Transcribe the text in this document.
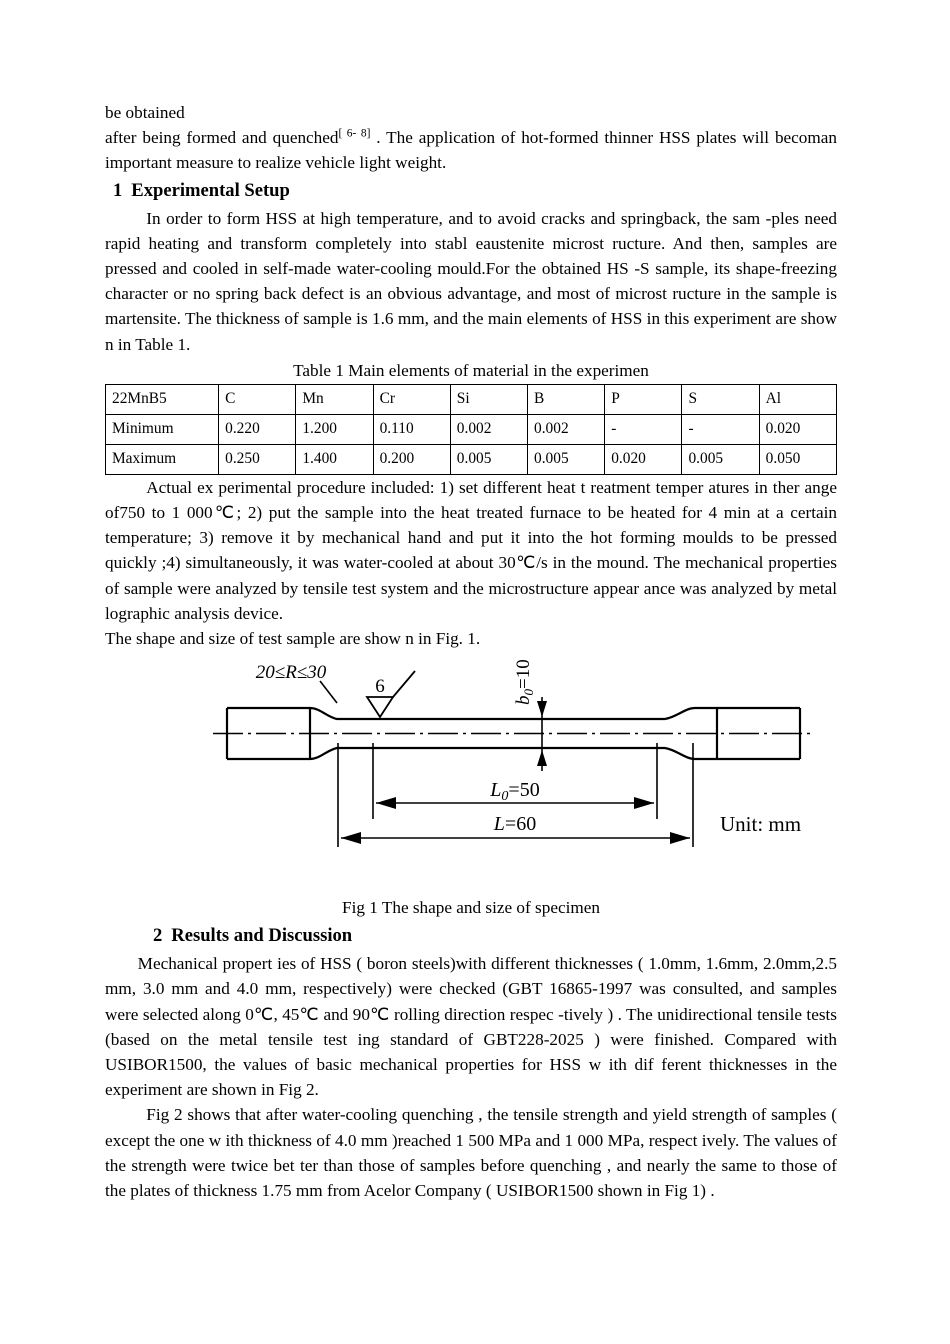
be obtained

after being formed and quenched[ 6- 8] . The application of hot-formed thinner HSS plates will becoman important measure to realize vehicle light weight.

1 Experimental Setup

In order to form HSS at high temperature, and to avoid cracks and springback, the sam -ples need rapid heating and transform completely into stabl eaustenite microst ructure. And then, samples are pressed and cooled in self-made water-cooling mould.For the obtained HS -S sample, its shape-freezing character or no spring back defect is an obvious advantage, and most of microst ructure in the sample is martensite. The thickness of sample is 1.6 mm, and the main elements of HSS in this experiment are show n in Table 1.

Table 1 Main elements of material in the experimen
22MnB5	C	Mn	Cr	Si	B	P	S	Al
Minimum	0.220	1.200	0.110	0.002	0.002	-	-	0.020
Maximum	0.250	1.400	0.200	0.005	0.005	0.020	0.005	0.050

Actual ex perimental procedure included: 1) set different heat t reatment temper atures in ther ange of750 to 1 000℃; 2) put the sample into the heat treated furnace to be heated for 4 min at a certain temperature; 3) remove it by mechanical hand and put it into the hot forming moulds to be pressed quickly ;4) simultaneously, it was water-cooled at about 30℃/s in the mound. The mechanical properties of sample were analyzed by tensile test system and the microstructure appear ance was analyzed by metal lographic analysis device.

The shape and size of test sample are show n in Fig. 1.
20≤R≤30
6
$b_0=10$
$L_0=50$
L=60	Unit: mm
Fig 1 The shape and size of specimen
2 Results and Discussion

Mechanical propert ies of HSS ( boron steels)with different thicknesses ( 1.0mm, 1.6mm, 2.0mm,2.5 mm, 3.0 mm and 4.0 mm, respectively) were checked (GBT 16865-1997 was consulted, and samples were selected along 0℃, 45℃ and 90℃ rolling direction respec -tively ) . The unidirectional tensile tests (based on the metal tensile test ing standard of GBT228-2025 ) were finished. Compared with USIBOR1500, the values of basic mechanical properties for HSS w ith dif ferent thicknesses in the experiment are shown in Fig 2.

Fig 2 shows that after water-cooling quenching , the tensile strength and yield strength of samples ( except the one w ith thickness of 4.0 mm )reached 1 500 MPa and 1 000 MPa, respect ively. The values of the strength were twice bet ter than those of samples before quenching , and nearly the same to those of the plates of thickness 1.75 mm from Acelor Company ( USIBOR1500 shown in Fig 1) .
